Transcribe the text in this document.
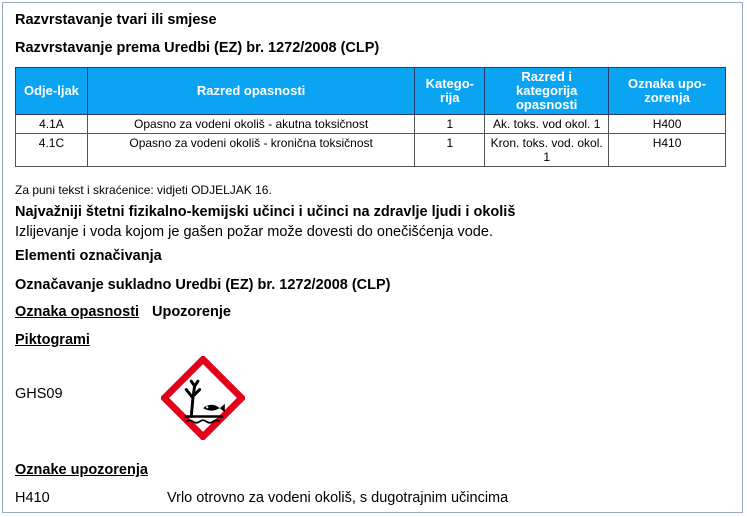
Razvrstavanje tvari ili smjese
Razvrstavanje prema Uredbi (EZ) br. 1272/2008 (CLP)
Odje-ljak	Razred opasnosti	Katego-rija	Razred i kategorija opasnosti	Oznaka upo-zorenja
4.1A	Opasno za vodeni okoliš - akutna toksičnost	1	Ak. toks. vod okol. 1	H400
4.1C	Opasno za vodeni okoliš - kronična toksičnost	1	Kron. toks. vod. okol. 1	H410
Za puni tekst i skraćenice: vidjeti ODJELJAK 16.
Najvažniji štetni fizikalno-kemijski učinci i učinci na zdravlje ljudi i okoliš
Izlijevanje i voda kojom je gašen požar može dovesti do onečišćenja vode.
Elementi označivanja
Označavanje sukladno Uredbi (EZ) br. 1272/2008 (CLP)
Oznaka opasnosti Upozorenje
Piktogrami
GHS09
Oznake upozorenja
H410	Vrlo otrovno za vodeni okoliš, s dugotrajnim učincima
